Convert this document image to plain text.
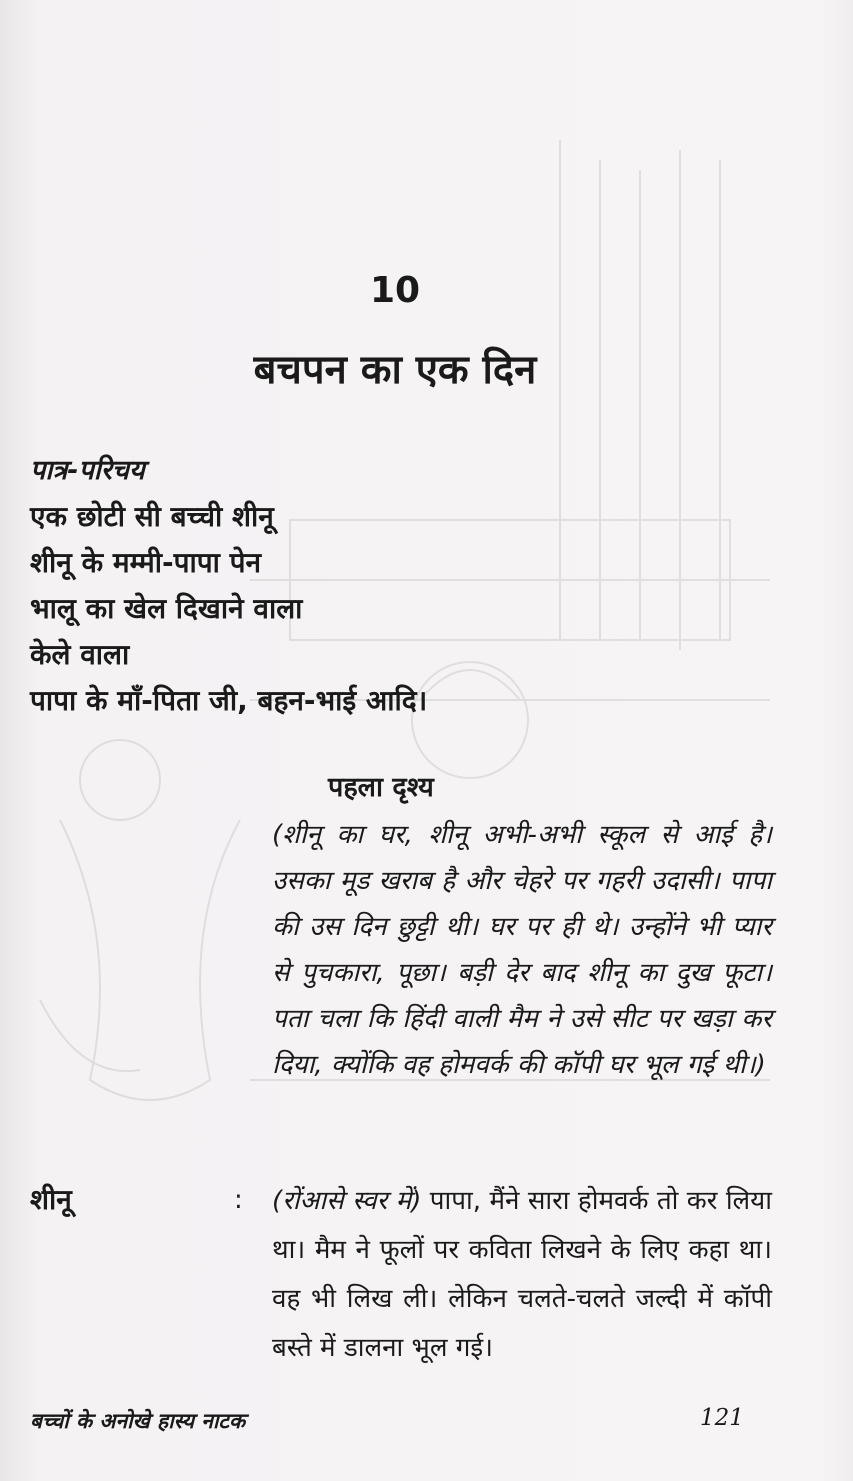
10
बचपन का एक दिन
पात्र-परिचय
एक छोटी सी बच्ची शीनू
शीनू के मम्मी-पापा पेन
भालू का खेल दिखाने वाला
केले वाला
पापा के माँ-पिता जी, बहन-भाई आदि।
पहला दृश्य
(शीनू का घर, शीनू अभी-अभी स्कूल से आई है। उसका मूड खराब है और चेहरे पर गहरी उदासी। पापा की उस दिन छुट्टी थी। घर पर ही थे। उन्होंने भी प्यार से पुचकारा, पूछा। बड़ी देर बाद शीनू का दुख फूटा। पता चला कि हिंदी वाली मैम ने उसे सीट पर खड़ा कर दिया, क्योंकि वह होमवर्क की कॉपी घर भूल गई थी।)
शीनू	: (रोंआसे स्वर में) पापा, मैंने सारा होमवर्क तो कर लिया था। मैम ने फूलों पर कविता लिखने के लिए कहा था। वह भी लिख ली। लेकिन चलते-चलते जल्दी में कॉपी बस्ते में डालना भूल गई।
बच्चों के अनोखे हास्य नाटक	121
